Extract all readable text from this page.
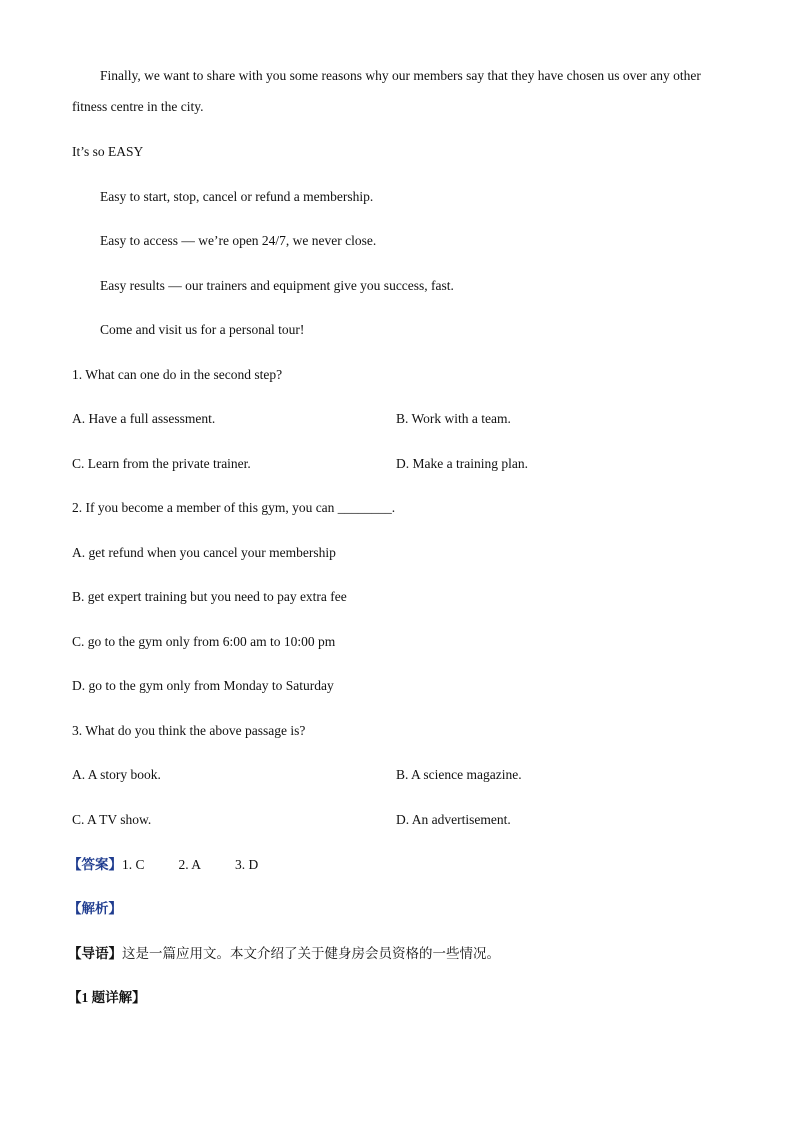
Finally, we want to share with you some reasons why our members say that they have chosen us over any other
fitness centre in the city.
It’s so EASY
Easy to start, stop, cancel or refund a membership.
Easy to access — we’re open 24/7, we never close.
Easy results — our trainers and equipment give you success, fast.
Come and visit us for a personal tour!
1. What can one do in the second step?
A. Have a full assessment.	B. Work with a team.
C. Learn from the private trainer.	D. Make a training plan.
2. If you become a member of this gym, you can ________.
A. get refund when you cancel your membership
B. get expert training but you need to pay extra fee
C. go to the gym only from 6:00 am to 10:00 pm
D. go to the gym only from Monday to Saturday
3. What do you think the above passage is?
A. A story book.	B. A science magazine.
C. A TV show.	D. An advertisement.
【答案】1. C	2. A	3. D
【解析】
【导语】这是一篇应用文。本文介绍了关于健身房会员资格的一些情况。
【1 题详解】
